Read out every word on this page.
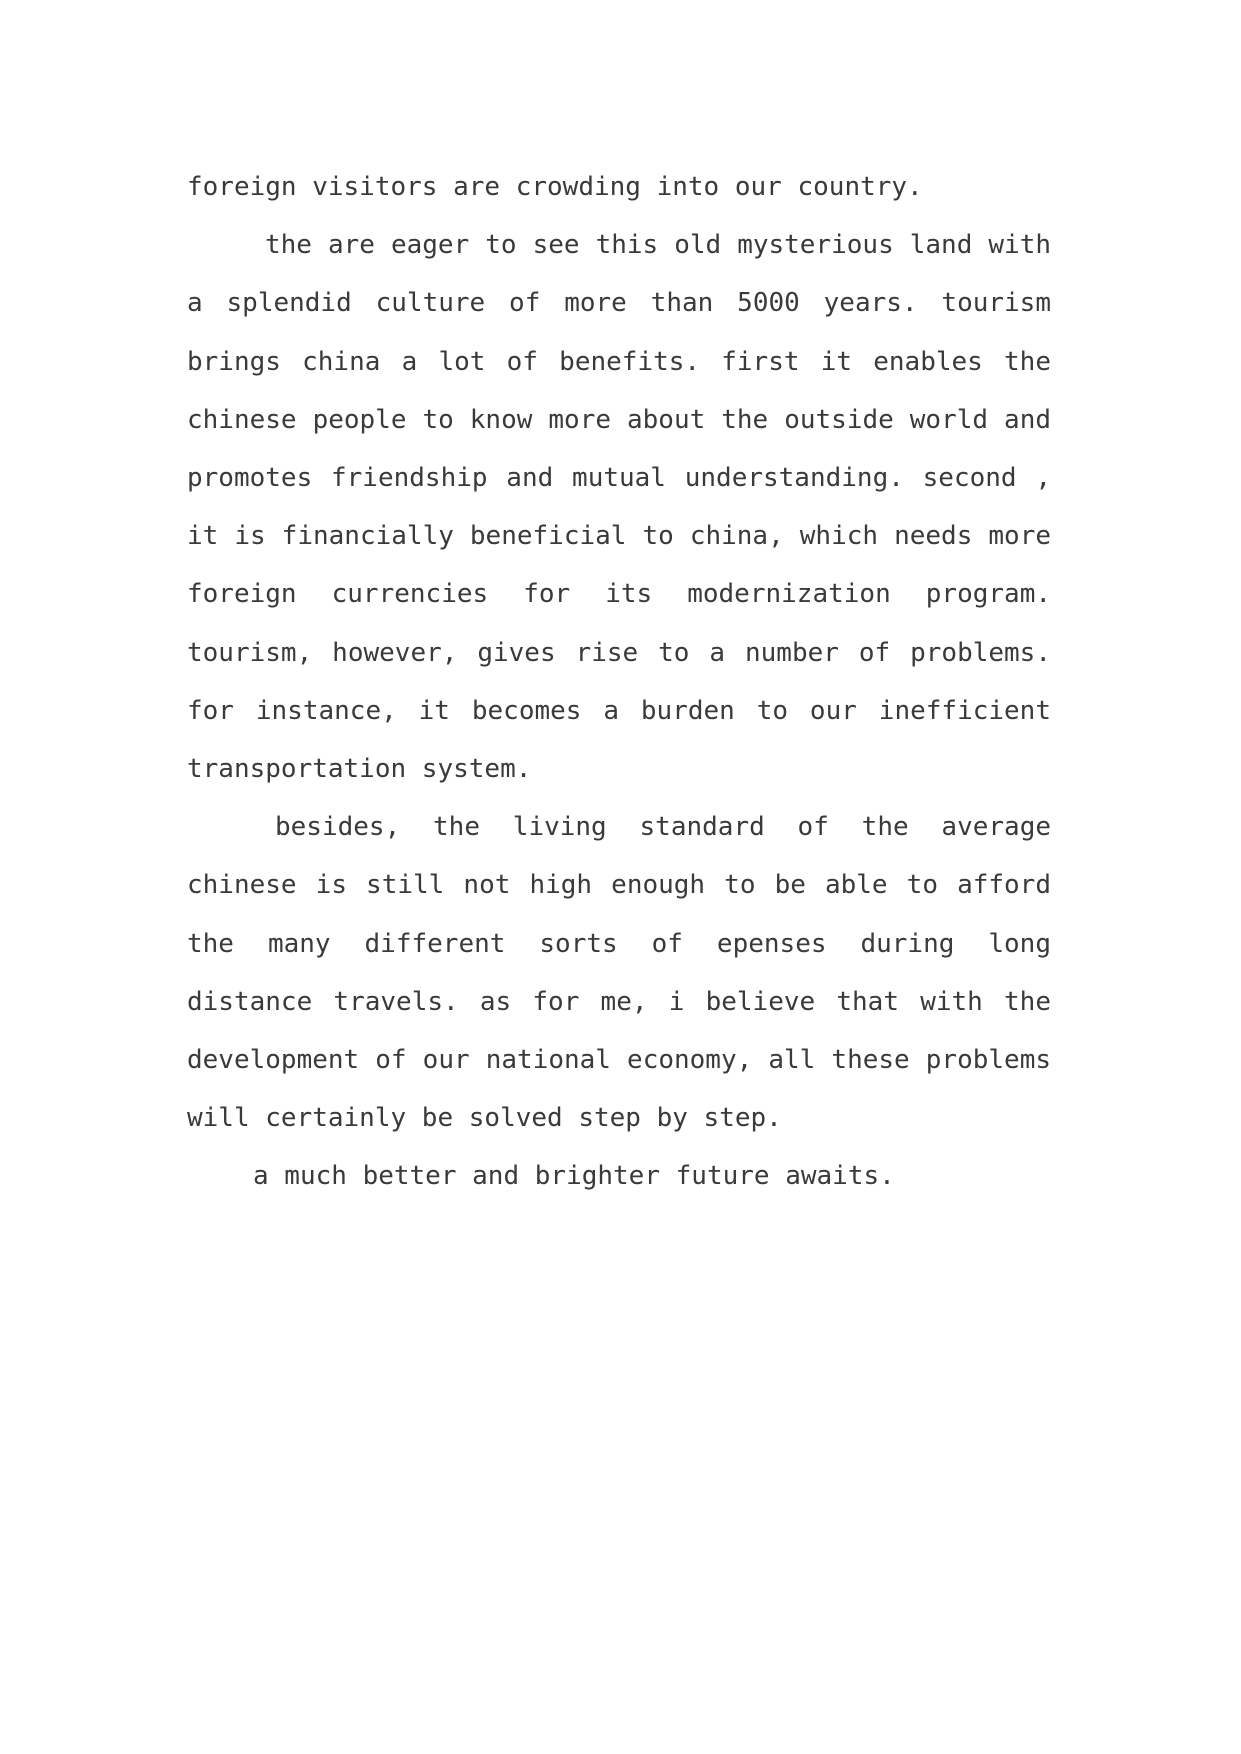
foreign visitors are crowding into our country.

the are eager to see this old mysterious land with a splendid culture of more than 5000 years. tourism brings china a lot of benefits. first it enables the chinese people to know more about the outside world and promotes friendship and mutual understanding. second , it is financially beneficial to china, which needs more foreign currencies for its modernization program. tourism, however, gives rise to a number of problems. for instance, it becomes a burden to our inefficient transportation system.

besides, the living standard of the average chinese is still not high enough to be able to afford the many different sorts of epenses during long distance travels. as for me, i believe that with the development of our national economy, all these problems will certainly be solved step by step.

a much better and brighter future awaits.
